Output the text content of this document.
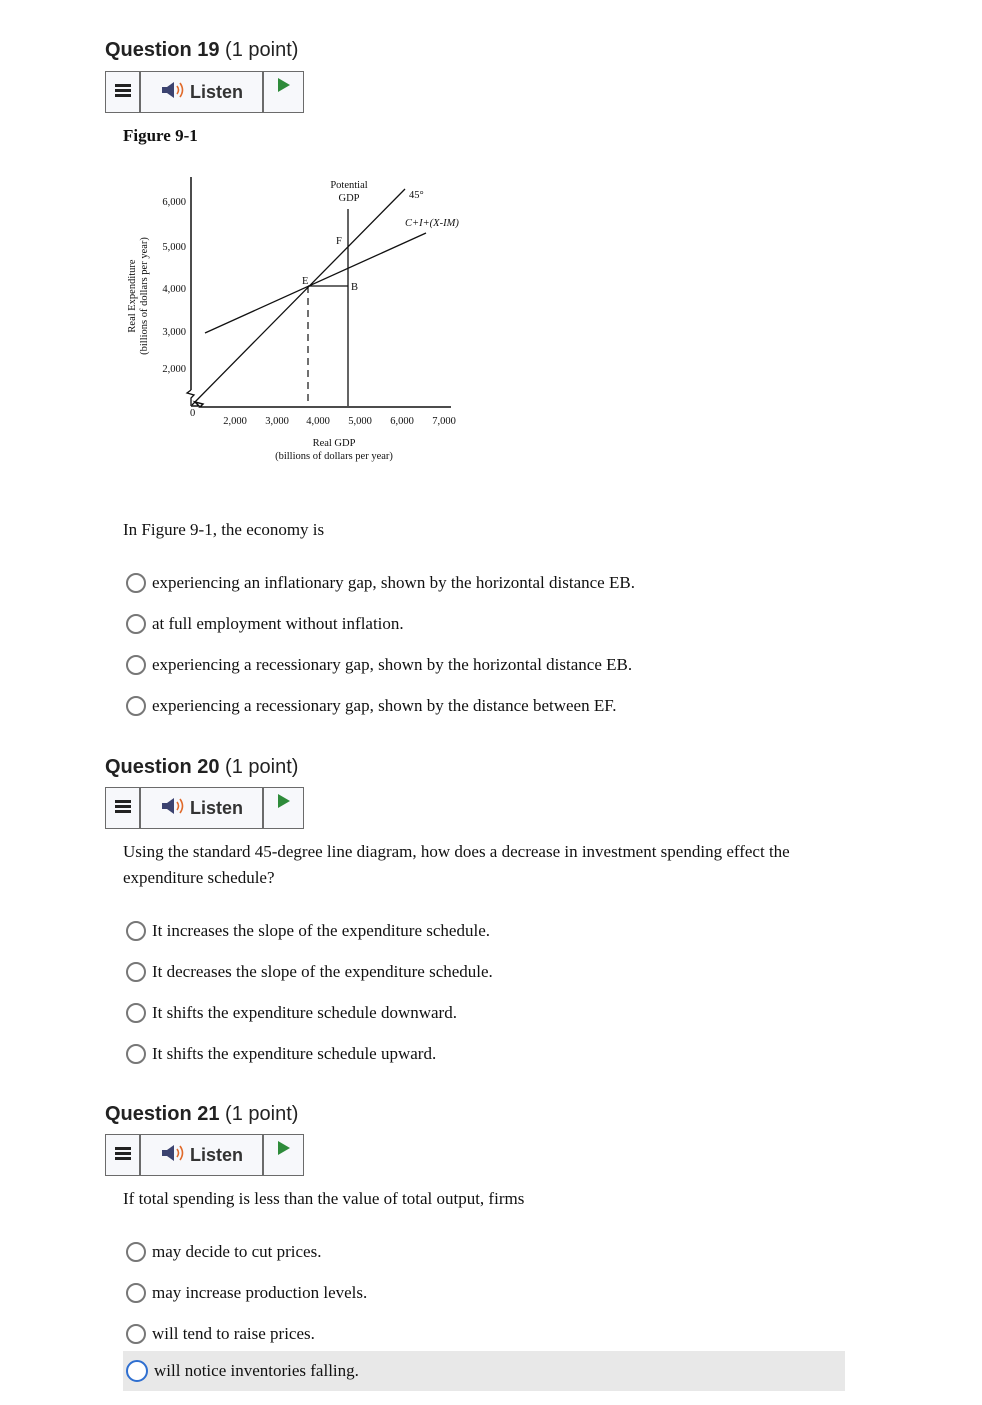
Question 19 (1 point)
Listen
Figure 9-1
Potential
GDP	45°
C+I+(X-IM)
F
E
B
6,000
5,000
4,000
3,000
2,000
0
2,000 3,000 4,000 5,000 6,000 7,000
Real GDP
(billions of dollars per year)
Real Expenditure (billions of dollars per year)
In Figure 9-1, the economy is
experiencing an inflationary gap, shown by the horizontal distance EB.
at full employment without inflation.
experiencing a recessionary gap, shown by the horizontal distance EB.
experiencing a recessionary gap, shown by the distance between EF.
Question 20 (1 point)
Listen
Using the standard 45-degree line diagram, how does a decrease in investment spending effect the expenditure schedule?
It increases the slope of the expenditure schedule.
It decreases the slope of the expenditure schedule.
It shifts the expenditure schedule downward.
It shifts the expenditure schedule upward.
Question 21 (1 point)
Listen
If total spending is less than the value of total output, firms
may decide to cut prices.
may increase production levels.
will tend to raise prices.
will notice inventories falling.
